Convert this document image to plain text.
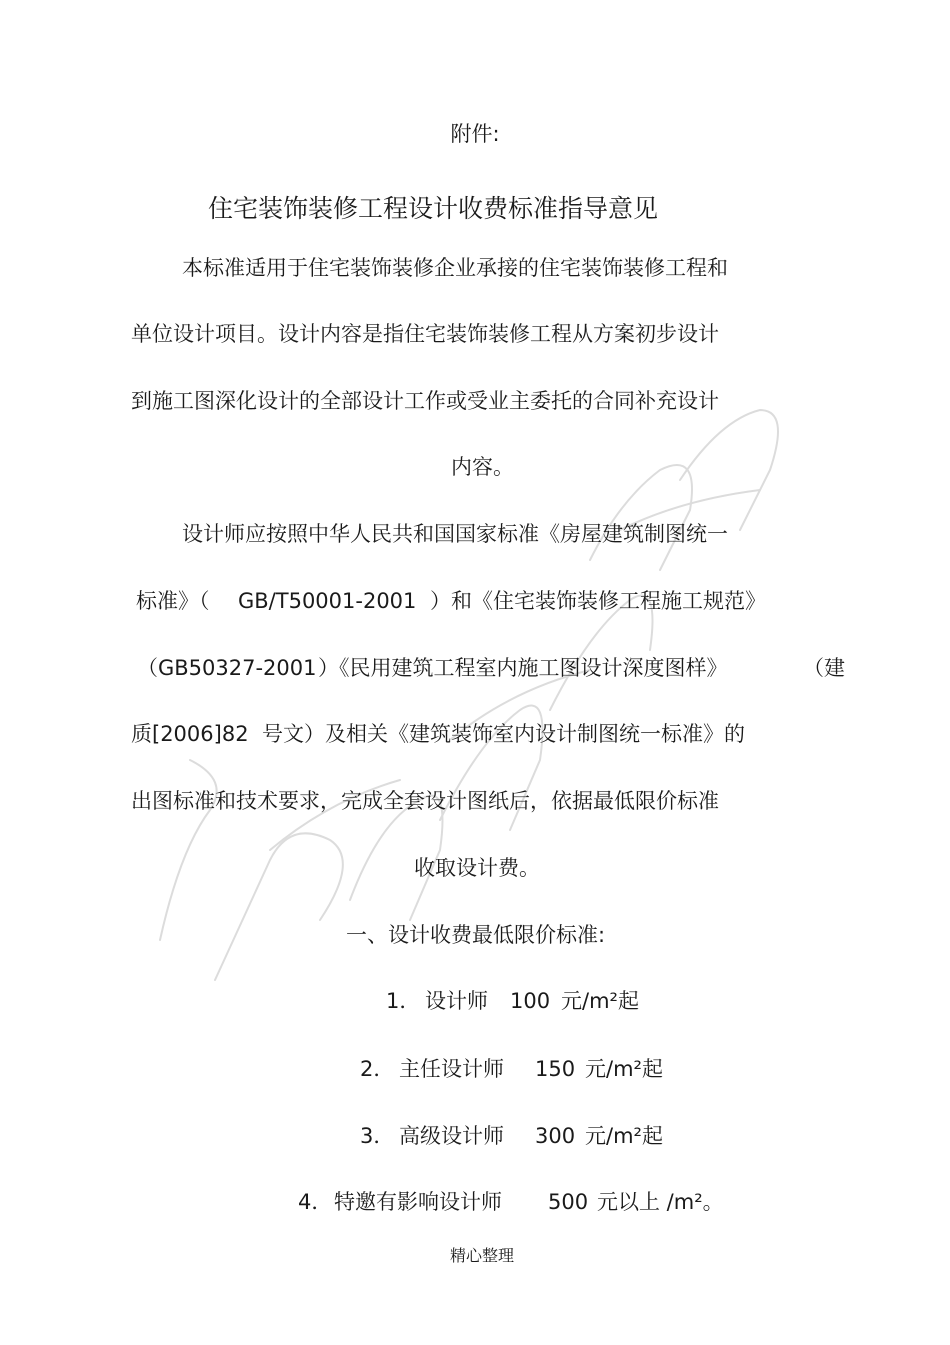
附件:
住宅装饰装修工程设计收费标准指导意见
本标准适用于住宅装饰装修企业承接的住宅装饰装修工程和
单位设计项目。设计内容是指住宅装饰装修工程从方案初步设计
到施工图深化设计的全部设计工作或受业主委托的合同补充设计
内容。
设计师应按照中华人民共和国国家标准《房屋建筑制图统一
标准》（ GB/T50001-2001 ）和《住宅装饰装修工程施工规范》
（GB50327-2001 ）《民用建筑工程室内施工图设计深度图样》	（建
质[2006]82 号文）及相关《建筑装饰室内设计制图统一标准》的
出图标准和技术要求，完成全套设计图纸后，依据最低限价标准
收取设计费。
一、设计收费最低限价标准:
1． 设计师 100 元/m²起
2． 主任设计师 150 元/m²起
3． 高级设计师 300 元/m²起
4． 特邀有影响设计师 500 元以上 /m²。
精心整理
